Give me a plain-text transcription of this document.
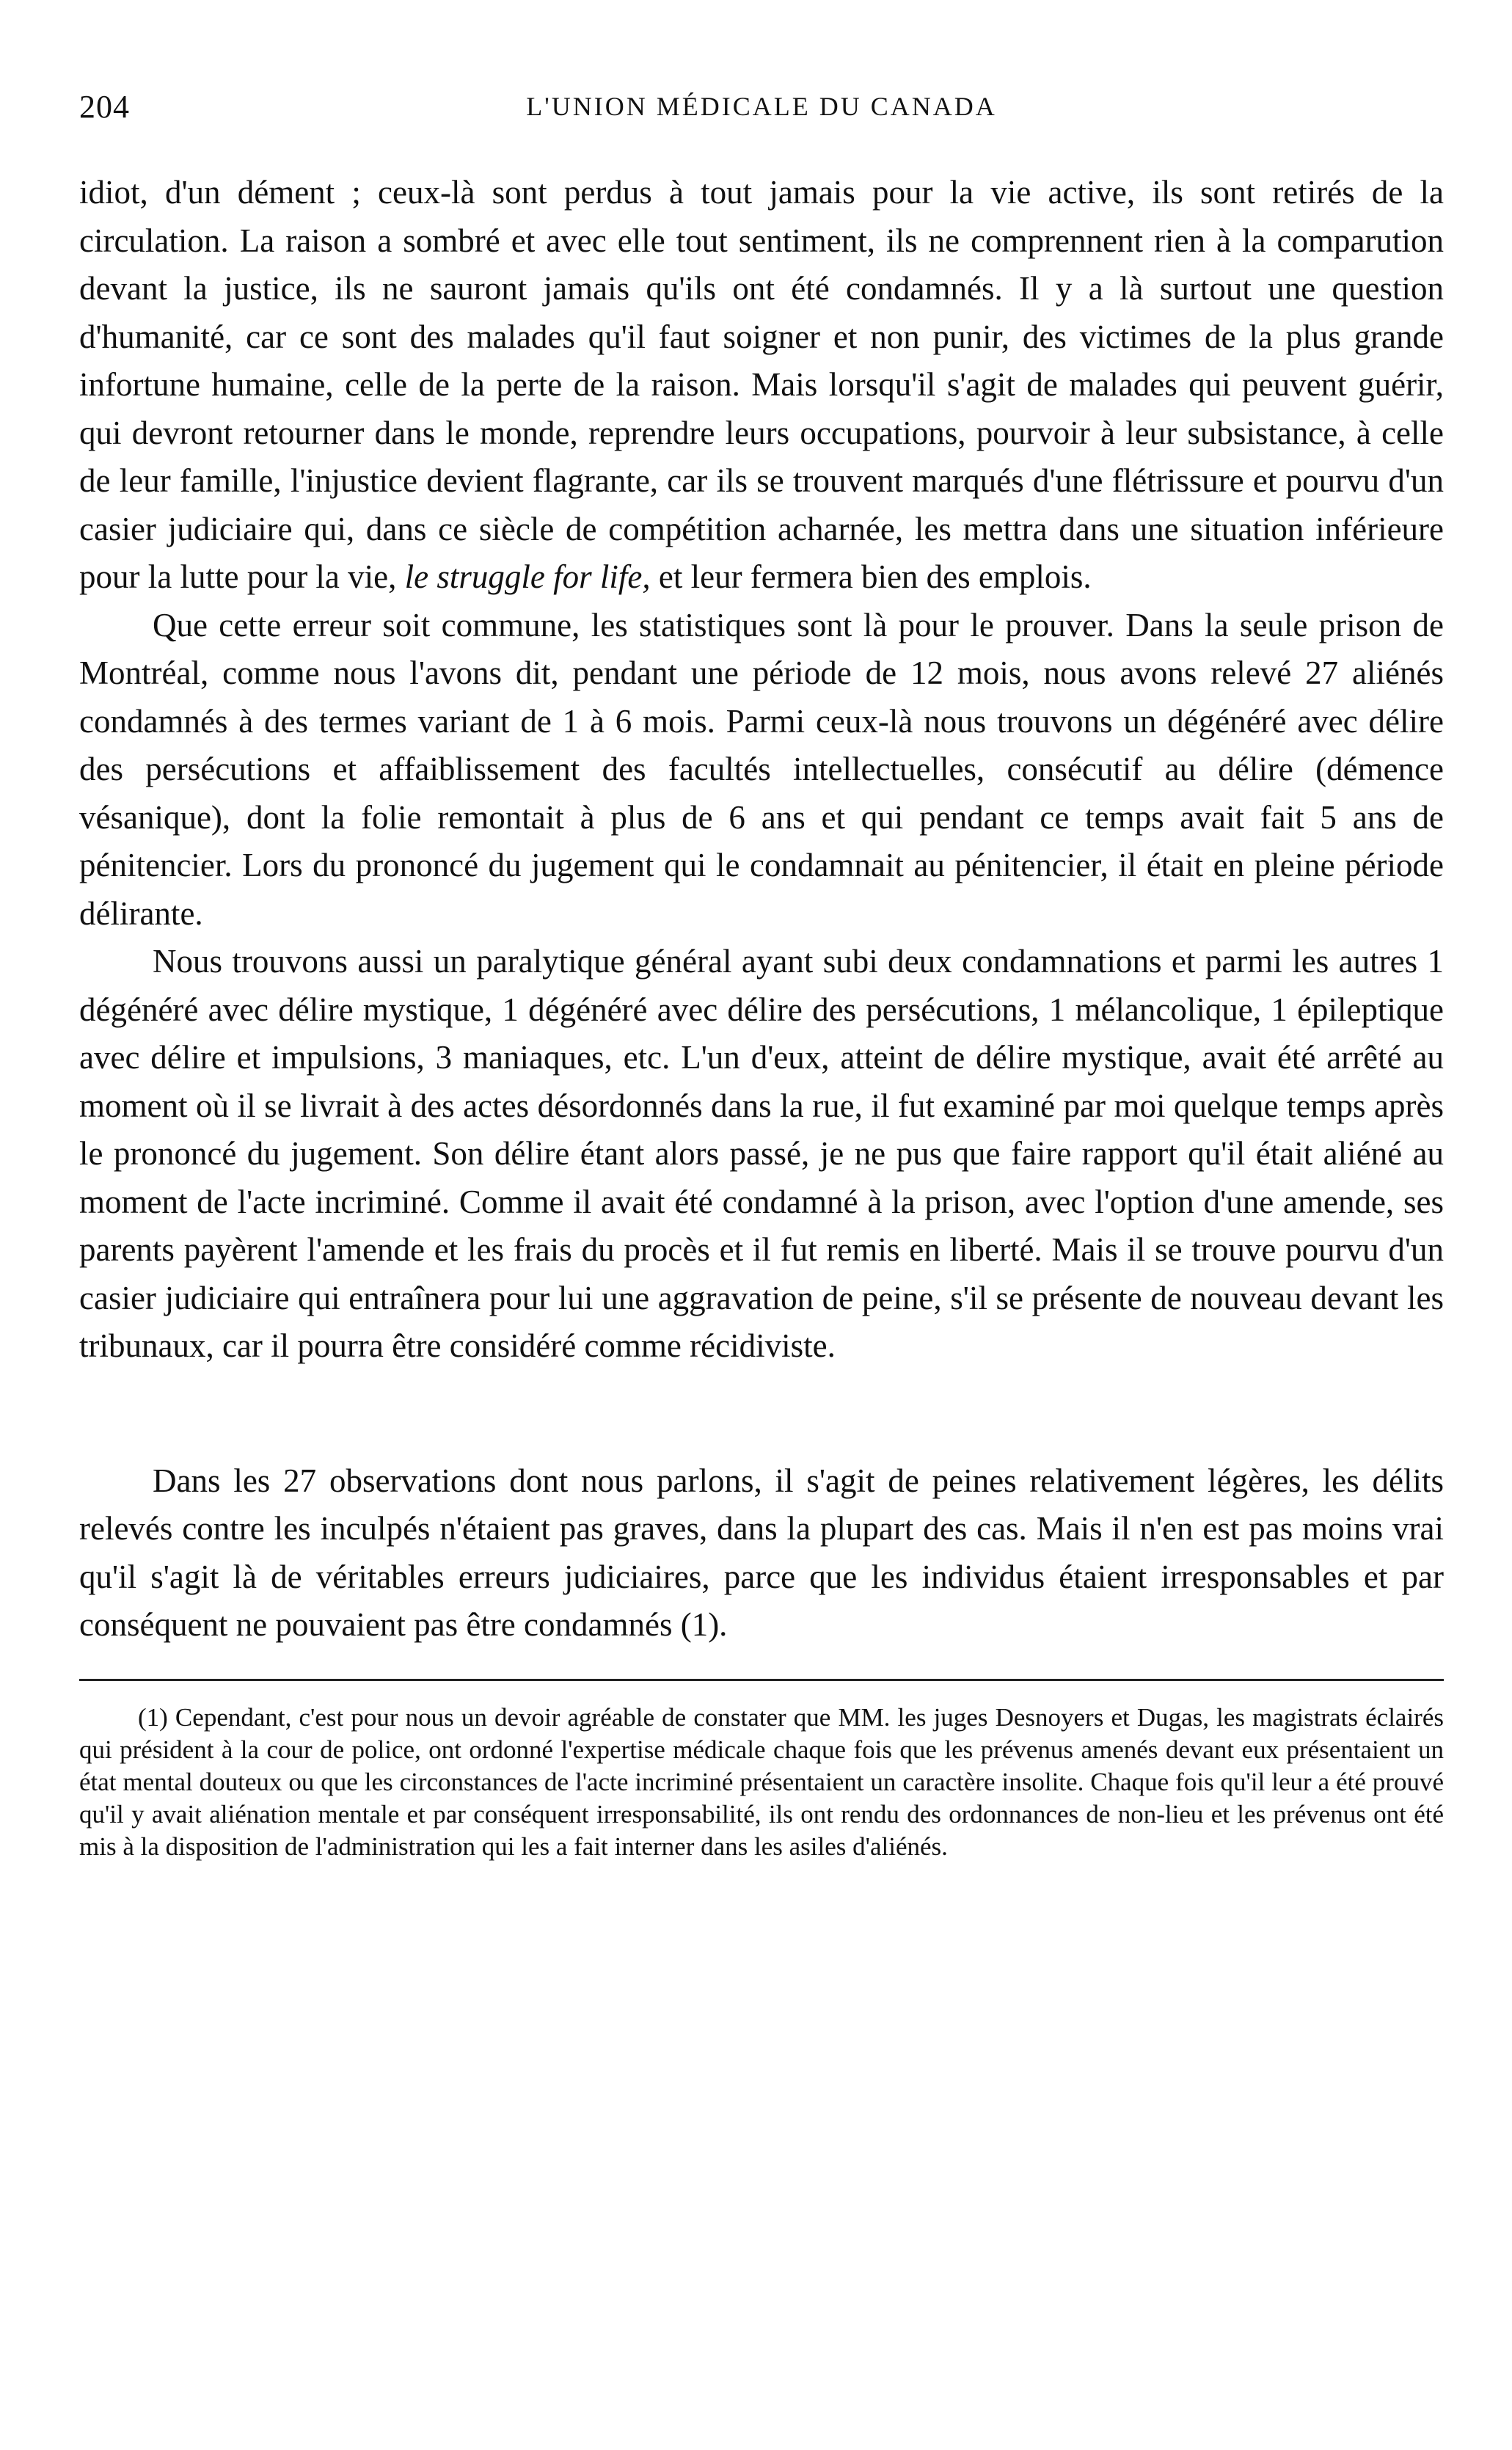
204	L'UNION MÉDICALE DU CANADA

idiot, d'un dément ; ceux-là sont perdus à tout jamais pour la vie active, ils sont retirés de la circulation. La raison a sombré et avec elle tout sentiment, ils ne comprennent rien à la comparution devant la justice, ils ne sauront jamais qu'ils ont été condamnés. Il y a là surtout une question d'humanité, car ce sont des malades qu'il faut soigner et non punir, des victimes de la plus grande infortune humaine, celle de la perte de la raison. Mais lorsqu'il s'agit de malades qui peuvent guérir, qui devront retourner dans le monde, reprendre leurs occupations, pourvoir à leur subsistance, à celle de leur famille, l'injustice devient flagrante, car ils se trouvent marqués d'une flétrissure et pourvu d'un casier judiciaire qui, dans ce siècle de compétition acharnée, les mettra dans une situation inférieure pour la lutte pour la vie, le struggle for life, et leur fermera bien des emplois.

Que cette erreur soit commune, les statistiques sont là pour le prouver. Dans la seule prison de Montréal, comme nous l'avons dit, pendant une période de 12 mois, nous avons relevé 27 aliénés condamnés à des termes variant de 1 à 6 mois. Parmi ceux-là nous trouvons un dégénéré avec délire des persécutions et affaiblissement des facultés intellectuelles, consécutif au délire (démence vésanique), dont la folie remontait à plus de 6 ans et qui pendant ce temps avait fait 5 ans de pénitencier. Lors du prononcé du jugement qui le condamnait au pénitencier, il était en pleine période délirante.

Nous trouvons aussi un paralytique général ayant subi deux condamnations et parmi les autres 1 dégénéré avec délire mystique, 1 dégénéré avec délire des persécutions, 1 mélancolique, 1 épileptique avec délire et impulsions, 3 maniaques, etc. L'un d'eux, atteint de délire mystique, avait été arrêté au moment où il se livrait à des actes désordonnés dans la rue, il fut examiné par moi quelque temps après le prononcé du jugement. Son délire étant alors passé, je ne pus que faire rapport qu'il était aliéné au moment de l'acte incriminé. Comme il avait été condamné à la prison, avec l'option d'une amende, ses parents payèrent l'amende et les frais du procès et il fut remis en liberté. Mais il se trouve pourvu d'un casier judiciaire qui entraînera pour lui une aggravation de peine, s'il se présente de nouveau devant les tribunaux, car il pourra être considéré comme récidiviste.

Dans les 27 observations dont nous parlons, il s'agit de peines relativement légères, les délits relevés contre les inculpés n'étaient pas graves, dans la plupart des cas. Mais il n'en est pas moins vrai qu'il s'agit là de véritables erreurs judiciaires, parce que les individus étaient irresponsables et par conséquent ne pouvaient pas être condamnés (1).

(1) Cependant, c'est pour nous un devoir agréable de constater que MM. les juges Desnoyers et Dugas, les magistrats éclairés qui président à la cour de police, ont ordonné l'expertise médicale chaque fois que les prévenus amenés devant eux présentaient un état mental douteux ou que les circonstances de l'acte incriminé présentaient un caractère insolite. Chaque fois qu'il leur a été prouvé qu'il y avait aliénation mentale et par conséquent irresponsabilité, ils ont rendu des ordonnances de non-lieu et les prévenus ont été mis à la disposition de l'administration qui les a fait interner dans les asiles d'aliénés.
